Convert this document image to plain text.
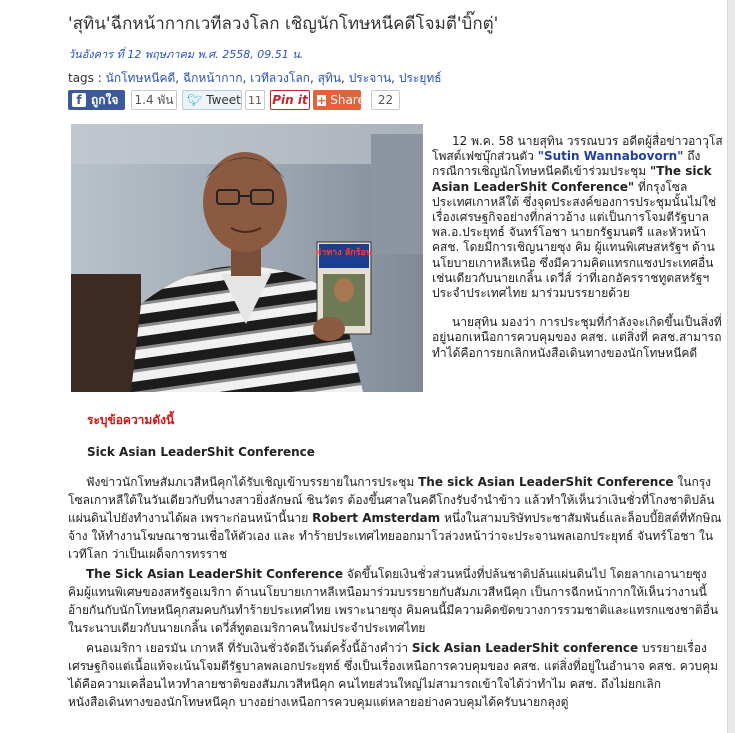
'สุทิน'ฉีกหน้ากากเวทีลวงโลก เชิญนักโทษหนีคดีโจมตี'บิ๊กตู่'
วันอังคาร ที่ 12 พฤษภาคม พ.ศ. 2558, 09.51 น.
tags : นักโทษหนีคดี, ฉีกหน้ากาก, เวทีลวงโลก, สุทิน, ประจาน, ประยุทธ์
f ถูกใจ 1.4 พัน 🐦︎ Tweet 11 Pin it + Share	22
ผ่าทาง ลักร้อน

12 พ.ค. 58 นายสุทิน วรรณบวร อดีตผู้สื่อข่าวอาวุโส โพสต์เฟซบุ๊กส่วนตัว "Sutin Wannabovorn" ถึงกรณีการเชิญนักโทษหนีคดีเข้าร่วมประชุม "The sick Asian LeaderShit Conference" ที่กรุงโซล ประเทศเกาหลีใต้ ซึ่งจุดประสงค์ของการประชุมนั้นไม่ใช่เรื่องเศรษฐกิจอย่างที่กล่าวอ้าง แต่เป็นการโจมตีรัฐบาล พล.อ.ประยุทธ์ จันทร์โอชา นายกรัฐมนตรี และหัวหน้า คสช. โดยมีการเชิญนายซุง คิม ผู้แทนพิเศษสหรัฐฯ ด้านนโยบายเกาหลีเหนือ ซึ่งมีความคิดแทรกแซงประเทศอื่น เช่นเดียวกับนายเกลิ้น เดวี่ส์ ว่าที่เอกอัครราชทูตสหรัฐฯ ประจำประเทศไทย มาร่วมบรรยายด้วย

นายสุทิน มองว่า การประชุมที่กำลังจะเกิดขึ้นเป็นสิ่งที่อยู่นอกเหนือการควบคุมของ คสช. แต่สิ่งที่ คสช.สามารถทำได้คือการยกเลิกหนังสือเดินทางของนักโทษหนีคดี

ระบุข้อความดังนี้
Sick Asian LeaderShit Conference
ฟังข่าวนักโทษสัมภเวสีหนีคุกได้รับเชิญเข้าบรรยายในการประชุม The sick Asian LeaderShit Conference ในกรุงโซลเกาหลีใต้ในวันเดียวกับที่นางสาวยิ่งลักษณ์ ชินวัตร ต้องขึ้นศาลในคดีโกงรับจำนำข้าว แล้วทำให้เห็นว่าเงินชั่วที่โกงชาติปล้นแผ่นดินไปยังทำงานได้ผล เพราะก่อนหน้านี้นาย Robert Amsterdam หนึ่งในสามบริษัทประชาสัมพันธ์และล็อบบี้ยิสต์ที่ทักษิณจ้าง ให้ทำงานโฆษณาชวนเชื่อให้ตัวเอง และ ทำร้ายประเทศไทยออกมาโวล่วงหน้าว่าจะประจานพลเอกประยุทธ์ จันทร์โอชา ในเวทีโลก ว่าเป็นเผด็จการทรราช
The Sick Asian LeaderShit Conference จัดขึ้นโดยเงินชั่วส่วนหนึ่งที่ปล้นชาติปล้นแผ่นดินไป โดยลากเอานายซุง คิมผู้แทนพิเศษของสหรัฐอเมริกา ด้านนโยบายเกาหลีเหนือมาร่วมบรรยายกับสัมภเวสีหนีคุก เป็นการฉีกหน้ากากให้เห็นว่างานนี้อ้ายกันกับนักโทษหนีคุกสมคบกันทำร้ายประเทศไทย เพราะนายซุง คิมคนนี้มีความคิดขัดขวางการรวมชาติและแทรกแซงชาติอื่นในระนาบเดียวกับนายเกลิ้น เดวี่ส์ทูตอเมริกาคนใหม่ประจำประเทศไทย
คนอเมริกา เยอรมัน เกาหลี ที่รับเงินชั่วจัดอีเว้นต์ครั้งนี้อ้างคำว่า Sick Asian LeaderShit conference บรรยายเรื่องเศรษฐกิจแต่เนื้อแท้จะเน้นโจมตีรัฐบาลพลเอกประยุทธ์ ซึ่งเป็นเรื่องเหนือการควบคุมของ คสช. แต่สิ่งที่อยู่ในอำนาจ คสช. ควบคุมได้คือความเคลื่อนไหวทำลายชาติของสัมภเวสีหนีคุก คนไทยส่วนใหญ่ไม่สามารถเข้าใจได้ว่าทำไม คสช. ถึงไม่ยกเลิกหนังสือเดินทางของนักโทษหนีคุก บางอย่างเหนือการควบคุมแต่หลายอย่างควบคุมได้ครับนายกลุงตู่
